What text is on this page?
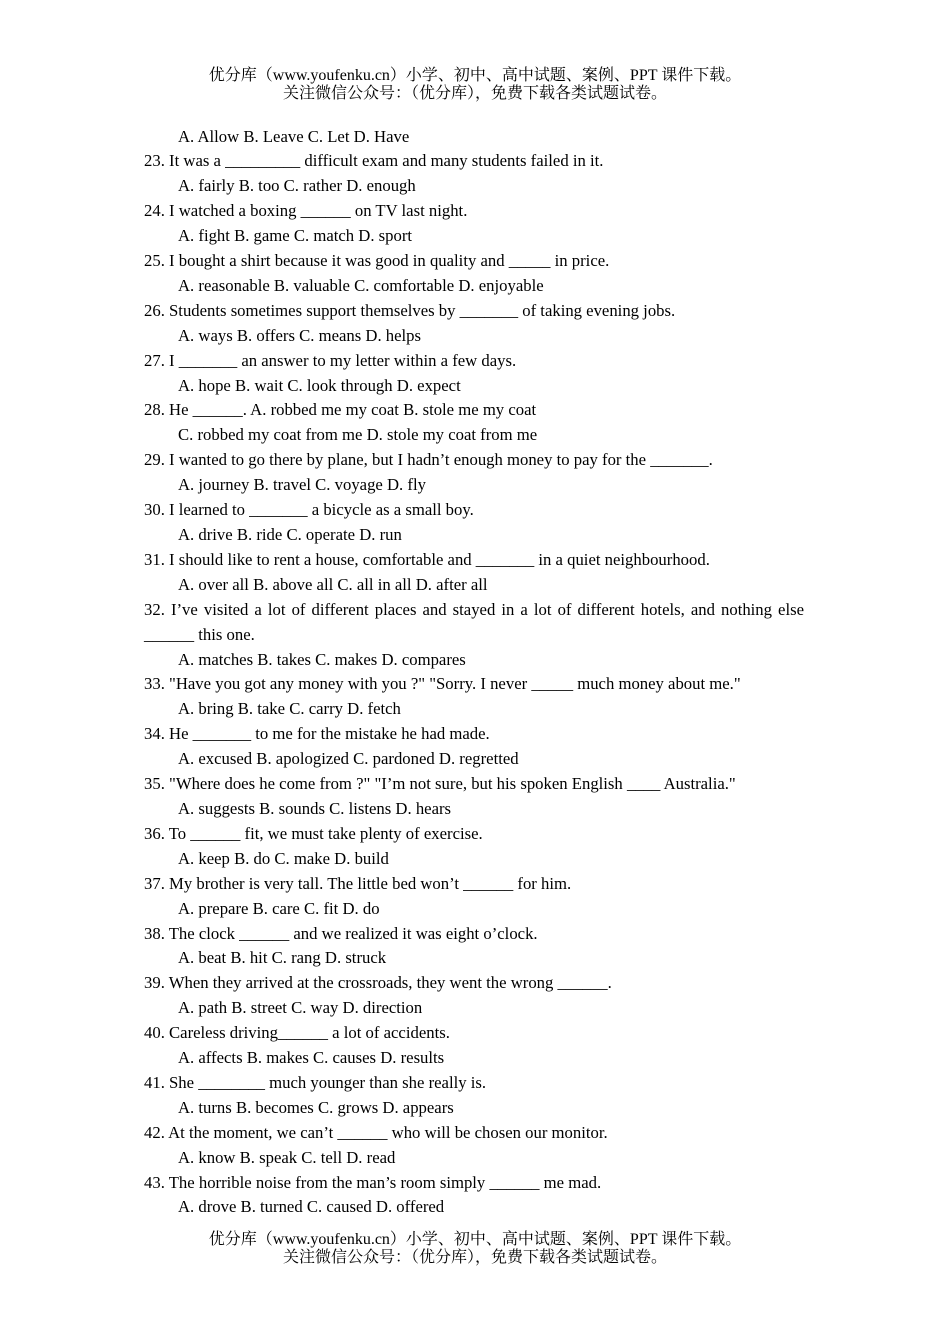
优分库（www.youfenku.cn）小学、初中、高中试题、案例、PPT 课件下载。

关注微信公众号：（优分库），免费下载各类试题试卷。

A. Allow B. Leave C. Let D. Have

23. It was a _________ difficult exam and many students failed in it.

A. fairly B. too C. rather D. enough

24. I watched a boxing ______ on TV last night.

A. fight B. game C. match D. sport

25. I bought a shirt because it was good in quality and _____ in price.

A. reasonable B. valuable C. comfortable D. enjoyable

26. Students sometimes support themselves by _______ of taking evening jobs.

A. ways B. offers C. means D. helps

27. I _______ an answer to my letter within a few days.

A. hope B. wait C. look through D. expect

28. He ______. A. robbed me my coat B. stole me my coat

C. robbed my coat from me D. stole my coat from me

29. I wanted to go there by plane, but I hadn’t enough money to pay for the _______.

A. journey B. travel C. voyage D. fly

30. I learned to _______ a bicycle as a small boy.

A. drive B. ride C. operate D. run

31. I should like to rent a house, comfortable and _______ in a quiet neighbourhood.

A. over all B. above all C. all in all D. after all

32. I’ve visited a lot of different places and stayed in a lot of different hotels, and nothing else ______ this one.

A. matches B. takes C. makes D. compares

33. "Have you got any money with you ?" "Sorry. I never _____ much money about me."

A. bring B. take C. carry D. fetch

34. He _______ to me for the mistake he had made.

A. excused B. apologized C. pardoned D. regretted

35. "Where does he come from ?" "I’m not sure, but his spoken English ____ Australia."

A. suggests B. sounds C. listens D. hears

36. To ______ fit, we must take plenty of exercise.

A. keep B. do C. make D. build

37. My brother is very tall. The little bed won’t ______ for him.

A. prepare B. care C. fit D. do

38. The clock ______ and we realized it was eight o’clock.

A. beat B. hit C. rang D. struck

39. When they arrived at the crossroads, they went the wrong ______.

A. path B. street C. way D. direction

40. Careless driving______ a lot of accidents.

A. affects B. makes C. causes D. results

41. She ________ much younger than she really is.

A. turns B. becomes C. grows D. appears

42. At the moment, we can’t ______ who will be chosen our monitor.

A. know B. speak C. tell D. read

43. The horrible noise from the man’s room simply ______ me mad.

A. drove B. turned C. caused D. offered

优分库（www.youfenku.cn）小学、初中、高中试题、案例、PPT 课件下载。

关注微信公众号：（优分库），免费下载各类试题试卷。
